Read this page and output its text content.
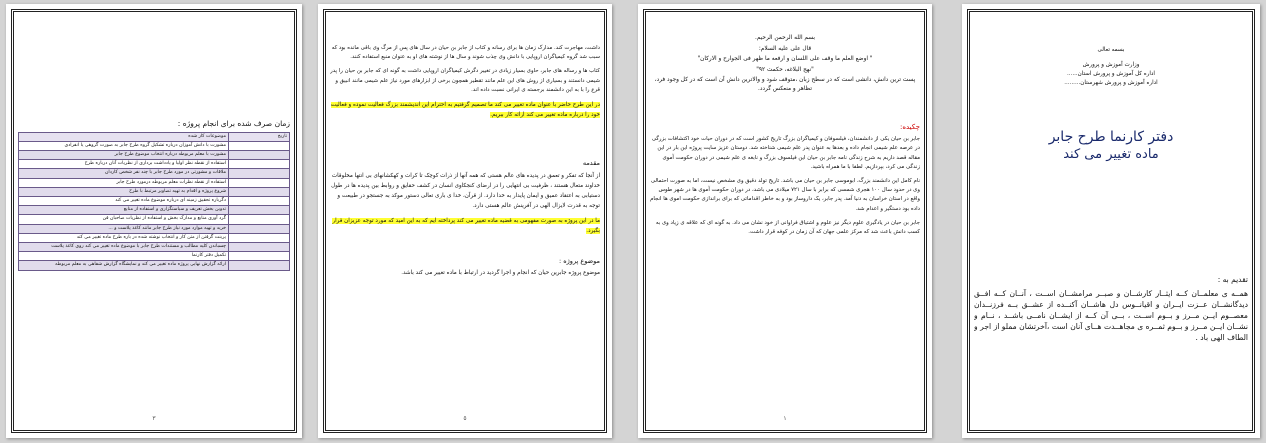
زمان صرف شده برای انجام پروژه :
تاریخ	موضوعات کار شده
	مشورت با دانش آموزان درباره تشکیل گروه طرح جابر به صورت گروهی یا انفرادی
	مشورت با معلم مربوطه درباره انتخاب موضوع طرح جابر
	استفاده از نقطه نظر اولیا و یادداشت برداری از نظریات آنان درباره طرح
	ملاقات و مشورتی در مورد طرح جابر با چند نفر شخص کاردان
	استفاده از نقطه نظرات معلم مربوطه درمورد طرح جابر
	شروع پروژه و اقدام به تهیه تصاویر مرتبط با طرح
	دگرباره تحقیق زمینه ای درباره موضوع ماده تغییر می کند
	تدوین بخش تعریف و سیاستگزاری و استفاده از منابع
	گرد آوری منابع و مدارک بخش و استفاده از نظریات صاحبان فن
	خرید و تهیه موارد مورد نیاز طرح جابر مانند کاغذ پلاست و ...
	پرینت گرفتن از متن کار و انتخاب نوشته شده در باره طرح ماده تغییر می کند
	چسباندن کلیه مطالب و مستندات طرح جابر با موضوع ماده تغییر می کند روی کاغذ پلاست
	تکمیل دفتر کارنما
	ارائه گزارش نهایی پروژه ماده تغییر می کند و نمایشگاه گزارش شفاهی به معلم مربوطه
٣

داشت، مهاجرت کند. مدارک زمان ها برای رسانه و کتاب از جابر بن حیان در سال های پس از مرگ وی باقی مانده بود که سبب شد گروه کیمیاگران اروپایی با دانش وی چذب شوند و سال ها از نوشته های او به عنوان منبع استفاده کنند.

کتاب ها و رساله های جابر، حاوی بسیار زیادی در تغییر دگرش کیمیاگران اروپایی داشت به گونه ای که جابر بن حیان را پدر شیمی دانستند و بسیاری از روش های این علم مانند تقطیر همچون برخی از ابزارهای مورد نیاز علم شیمی مانند انبیق و قرع را با به این دانشمند برجسته ی ایرانی نسبت داده اند.

در این طرح حاضر با عنوان ماده تغییر می کند ما تصمیم گرفتیم به احترام این اندیشمند بزرگ فعالیت نموده و فعالیت خود را درباره ماده تغییر می کند ارائه کار ببریم.

مقدمه

از آنجا که تفکر و تعمق در پدیده های عالم هستی که همه آنها از ذرات کوچک تا کرات و کهکشانهای بی انتها مخلوقات خداوند متعال هستند ، ظرفیت بی انتهایی را در ارضای کنجکاوی انسان در کشف حقایق و روابط بین پدیده ها در طول دستیابی به اعتقاد عمیق و ایمان پایدار به خدا دارد. از قرآن، خدا ی باری تعالی دستور موکد به جستجو در طبیعت و توجه به قدرت لایزال الهی در آفرینش عالم هستی دارد.

ما در این پروژه به صورت مفهومی به قضیه ماده تغییر می کند پرداخته ایم که به این امید که مورد توجه عزیزان قرار بگیرد.

موضوع پروژه :

موضوع پروژه جابرین حیان که انجام و اجرا گردید در ارتباط با ماده تغییر می کند باشد.

٥
بسم الله الرحمن الرحیم.
قال علی علیه السلام:
" اوضع العلم ما وقف علی اللسان و ارفعه ما ظهر فی الجوارح و الارکان"
"نهج البلاغه، حکمت ۹۲"
پست ترین دانش، دانشی است که در سطح زبان ،متوقف شود و والاترین دانش آن است که در کل وجود فرد، تظاهر و منعکس گردد.
چکیده:

جابر بن حیان یکی از دانشمندان، فیلسوفان و کیمیاگران بزرگ تاریخ کشور است که در دوران حیات خود اکتشافات بزرگی در عرصه علم شیمی انجام داده و بعدها به عنوان پدر علم شیمی شناخته شد. دوستان عزیز سایت پروژه این بار در این مقاله قصد داریم به شرح زندگی نامه جابر بن حیان این فیلسوف بزرگ و نابغه ی علم شیمی در دوران حکومت آموی زندگی می کرد، بپردازیم. لطفا با ما همراه باشید.

نام کامل این دانشمند بزرگ، ابوموسی جابر بن حیان می باشد. تاریخ تولد دقیق وی مشخص نیست، اما به صورت احتمالی وی در حدود سال ۱۰۰ هجری شمسی که برابر با سال ۷۲۱ میلادی می باشد، در دوران حکومت آموی ها در شهر طوس واقع در استان خراسان به دنیا آمد. پدر جابر، یک داروساز بود و به خاطر اقداماتی که برای براندازی حکومت اموی ها انجام داده بود دستگیر و اعدام شد.

جابر بن حیان در یادگیری علوم دیگر نیز علوم و اشتیاق فراوانی از خود نشان می داد. به گونه ای که علاقه ی زیاد وی به کسب دانش باعث شد که مرکز علمی جهان که آن زمان در کوفه قرار داشت.

١
بسمه تعالی
وزارت آموزش و پرورش
اداره کل آموزش و پرورش استان......
اداره آموزش و پرورش شهرستان.........
دفتر کارنما طرح جابر
ماده تغییر می کند
تقدیم به :
همــه ی معلمــان کــه ایثــار کارشــان و صبــر مرامشــان اســت ، آنــان کــه افــق دیدگانشــان عــزت ایــران و اقیانــوس دل هاشــان آکنــده از عشــق بــه فرزنــدان معصــوم ایــن مــرز و بــوم اســت ، بــی آن کــه از ایشــان نامــی باشــد ، نــام و نشــان ایــن مــرز و بــوم ثمــره ی مجاهــدت هــای آنان است ،آخرتشان مملو از اجر و الطاف الهی باد .
